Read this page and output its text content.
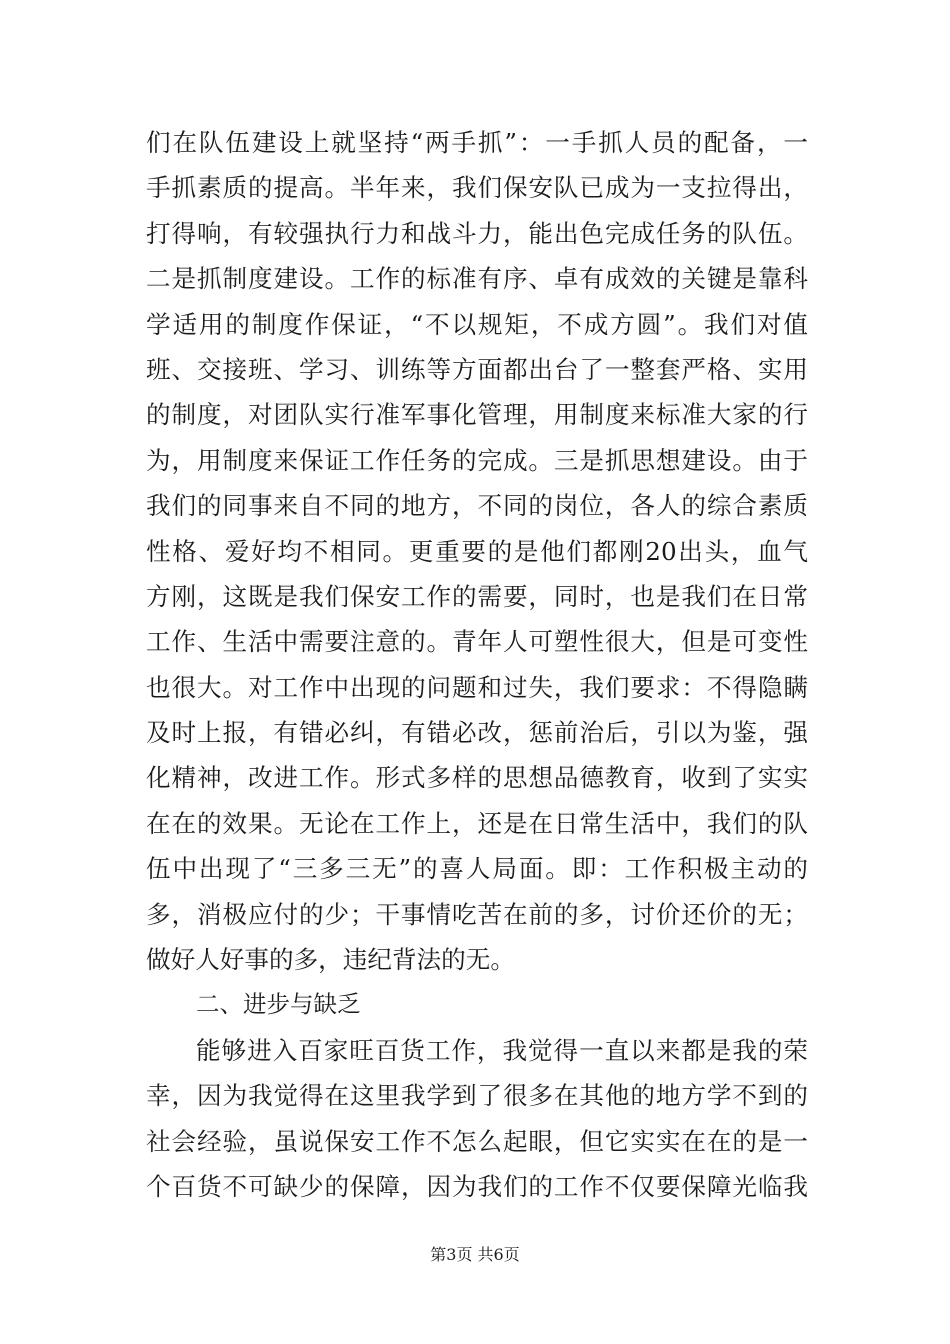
们在队伍建设上就坚持“两手抓”：一手抓人员的配备，一
手抓素质的提高。半年来，我们保安队已成为一支拉得出，
打得响，有较强执行力和战斗力，能出色完成任务的队伍。
二是抓制度建设。工作的标准有序、卓有成效的关键是靠科
学适用的制度作保证，“不以规矩，不成方圆”。我们对值
班、交接班、学习、训练等方面都出台了一整套严格、实用
的制度，对团队实行准军事化管理，用制度来标准大家的行
为，用制度来保证工作任务的完成。三是抓思想建设。由于
我们的同事来自不同的地方，不同的岗位，各人的综合素质
性格、爱好均不相同。更重要的是他们都刚20出头，血气
方刚，这既是我们保安工作的需要，同时，也是我们在日常
工作、生活中需要注意的。青年人可塑性很大，但是可变性
也很大。对工作中出现的问题和过失，我们要求：不得隐瞒
及时上报，有错必纠，有错必改，惩前治后，引以为鉴，强
化精神，改进工作。形式多样的思想品德教育，收到了实实
在在的效果。无论在工作上，还是在日常生活中，我们的队
伍中出现了“三多三无”的喜人局面。即：工作积极主动的
多，消极应付的少；干事情吃苦在前的多，讨价还价的无；
做好人好事的多，违纪背法的无。
二、进步与缺乏
能够进入百家旺百货工作，我觉得一直以来都是我的荣
幸，因为我觉得在这里我学到了很多在其他的地方学不到的
社会经验，虽说保安工作不怎么起眼，但它实实在在的是一
个百货不可缺少的保障，因为我们的工作不仅要保障光临我
第3页 共6页
